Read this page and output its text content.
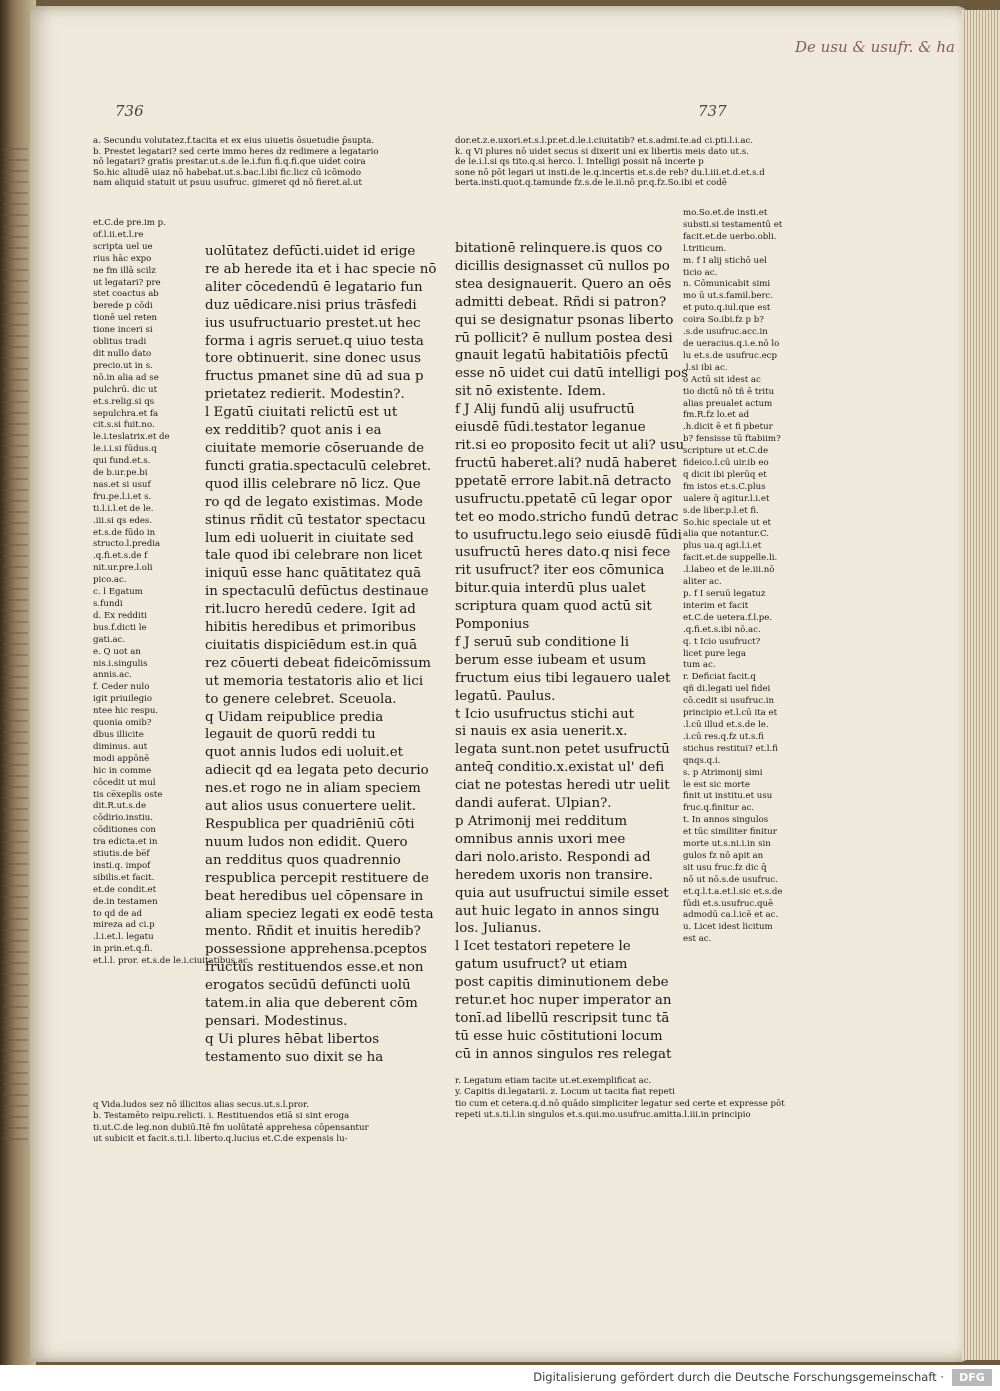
736	737
De usu & usufr. & ha
a. Secundu volutatez.f.tacita et ex eius uiuetis ōsuetudie p̄supta.
b. Prestet legatari? sed certe immo heres dz redimere a legatario
nō legatari? gratis prestar.ut.s.de le.i.fun fi.q.fi.que uidet coira
So.hic aliudē uiaz nō habebat.ut.s.bac.l.ibi fic.licz cū icōmodo
nam aliquid statuit ut psuu usufruc. gimeret qd nō fieret.al.ut
dor.et.z.e.uxori.et.s.l.pr.et.d.le.i.ciuitatib? et.s.admi.te.ad ci.pti.l.i.ac.
k. q Vi plures nō uidet secus si dixerit uni ex libertis meis dato ut.s.
de le.i.l.si qs tito.q.si herco. l. Intelligi possit nā incerte p
sone nō pōt legari ut insti.de le.q.incertis et.s.de reb? du.l.iii.et.d.et.s.d
berta.insti.quot.q.tamunde fz.s.de le.ii.nō pr.q.fz.So.ibi et codē
et.C.de pre.im p.
of.l.ii.et.l.re
scripta uel ue
rius hāc expo
ne fm illā scilz
ut legatari? pre
stet coactus ab
berede p cōdi
tionē uel reten
tione inceri si
oblitus tradi
dit nullo dato
precio.ut in s.
nō.in alia ad se
pulchrū. dic ut
et.s.relig.si qs
sepulchra.et fa
cit.s.si fuit.no.
le.i.teslatrix.et de
le.i.i.si fūdus.q
qui fund.et.s.
de b.ur.pe.bi
nas.et si usuf
fru.pe.l.i.et s.
ti.l.i.l.et de le.
.iii.si qs edes.
et.s.de fūdo in
structo.l.predia
.q.fi.et.s.de f
nit.ur.pre.l.oli
pico.ac.
c. l Egatum
s.fundi
d. Ex redditi
bus.f.dicti le
gati.ac.
e. Q uot an
nis.i.singulis
annis.ac.
f. Ceder nulo
igit priuilegio
ntee hic respu.
quonia omib?
dbus illicite
diminus. aut
modi appōnē
hic in comme
cōcedit ut mul
tis ce̅xeplis oste
dit.R.ut.s.de
cōdirio.instiu.
cōditiones con
tra edicta.et in
stiutis.de be̅f
insti.q. impof
sibilis.et facit.
et.de condit.et
de.in testamen
to qd de ad
mireza ad ci.p
.l.i.et.l. legatu
in prin.et.q.fi.
et.l.l. pror. et.s.de le.i.ciuitatibus.ac.
uolūtatez defūcti.uidet id erige
re ab herede ita et i hac specie nō
aliter cōcedendū ē legatario fun
duz uēdicare.nisi prius trāsfedi
ius usufructuario prestet.ut hec
forma i agris seruet.q uiuo testa
tore obtinuerit. sine donec usus
fructus pmanet sine dū ad sua p
prietatez redierit. Modestin?.
l Egatū ciuitati relictū est ut
ex redditib? quot anis i ea
ciuitate memorie cōseruande de
functi gratia.spectaculū celebret.
quod illis celebrare nō licz. Que
ro qd de legato existimas. Mode
stinus rñdit cū testator spectacu
lum edi uoluerit in ciuitate sed
tale quod ibi celebrare non licet
iniquū esse hanc quātitatez quā
in spectaculū defūctus destinaue
rit.lucro heredū cedere. Igit ad
hibitis heredibus et primoribus
ciuitatis dispiciēdum est.in quā
rez cōuerti debeat fideicōmissum
ut memoria testatoris alio et lici
to genere celebret. Sceuola.
q Uidam reipublice predia
legauit de quorū reddi tu
quot annis ludos edi uoluit.et
adiecit qd ea legata peto decurio
nes.et rogo ne in aliam speciem
aut alios usus conuertere uelit.
Respublica per quadriēniū cōti
nuum ludos non edidit. Quero
an redditus quos quadrennio
respublica percepit restituere de
beat heredibus uel cōpensare in
aliam speciez legati ex eodē testa
mento. Rñdit et inuitis heredib?
possessione apprehensa.pceptos
fructus restituendos esse.et non
erogatos secūdū defūncti uolū
tatem.in alia que deberent cōm
pensari. Modestinus.
q Ui plures hēbat libertos
testamento suo dixit se ha
bitationē relinquere.is quos co
dicillis designasset cū nullos po
stea designauerit. Quero an oēs
admitti debeat. Rñdi si patron?
qui se designatur psonas liberto
rū pollicit? ē nullum postea desi
gnauit legatū habitatiōis pfectū
esse nō uidet cui datū intelligi pos
sit nō existente. Idem.
f J Alij fundū alij usufructū
eiusdē fūdi.testator leganue
rit.si eo proposito fecit ut ali? usu
fructū haberet.ali? nudā haberet
ppetatē errore labit.nā detracto
usufructu.ppetatē cū legar opor
tet eo modo.stricho fundū detrac
to usufructu.lego seio eiusdē fūdi
usufructū heres dato.q nisi fece
rit usufruct? iter eos cōmunica
bitur.quia interdū plus ualet
scriptura quam quod actū sit
Pomponius
f J seruū sub conditione li
berum esse iubeam et usum
fructum eius tibi legauero ualet
legatū. Paulus.
t Icio usufructus stichi aut
si nauis ex asia uenerit.x.
legata sunt.non petet usufructū
anteq̄ conditio.x.existat ul' defi
ciat ne potestas heredi utr uelit
dandi auferat. Ulpian?.
p Atrimonij mei redditum
omnibus annis uxori mee
dari nolo.aristo. Respondi ad
heredem uxoris non transire.
quia aut usufructui simile esset
aut huic legato in annos singu
los. Julianus.
l Icet testatori repetere le
gatum usufruct? ut etiam
post capitis diminutionem debe
retur.et hoc nuper imperator an
tonī.ad libellū rescripsit tunc tā
tū esse huic cōstitutioni locum
cū in annos singulos res relegat
mo.So.et.de insti.et
substi.si testamentū et
facit.et.de uerbo.obli.
l.triticum.
m. f I alij stichō uel
ticio ac.
n. Cōmunicabit simi
mo ū ut.s.famil.berc.
et puto.q.iul.que est
coira So.ibi.fz p b?
.s.de usufruc.acc.in
de ueracius.q.i.e.nō lo
lu et.s.de usufruc.ecp
.l.si ibi ac.
o Actū sit idest ac
tio dictū nō tñ ē tritu
alias preualet actum
fm.R.fz lo.et ad
.h.dicit ē et fi pbetur
b? fensisse tū ftabiim?
scripture ut et.C.de
fideico.l.cū uir.ib eo
q dicit ibi plerūq et
fm istos et.s.C.plus
ualere q̄ agitur.l.i.et
s.de liber.p.l.et fi.
So.hic speciale ut et
alia que notantur.C.
plus ua.q agi.l.i.et
facit.et.de suppelle.li.
.l.labeo et de le.iii.nō
aliter ac.
p. f I seruū legatuz
interim et facit
et.C.de uetera.f.l.pe.
.q.fi.et.s.ibi nō.ac.
q. t Icio usufruct?
licet pure lega
tum ac.
r. Deficiat facit.q
qñ di.legati uel fidei
cō.cedit si usufruc.in
principio et.l.cū ita et
.l.cū illud et.s.de le.
.i.cū res.q.fz ut.s.fi
stichus restitui? et.l.fi
qnqs.q.i.
s. p Atrimonij simi
le est sic morte
finit ut institu.et usu
fruc.q.finitur ac.
t. In annos singulos
et tūc similiter finitur
morte ut.s.ni.i.in sin
gulos fz nō apit an
sit usu fruc.fz dic q̄
nō ut nō.s.de usufruc.
et.q.l.t.a.et.l.sic et.s.de
fūdi et.s.usufruc.quē
admodū ca.l.icē et ac.
u. Licet idest licitum
est ac.
q Vida.ludos sez nō illicitos alias secus.ut.s.l.pror.
b. Testamēto reipu.relicti. i. Restituendos etiā si sint eroga
ti.ut.C.de leg.non dubiū.Itē fm uolūtatē apprehesa cōpensantur
ut subicit et facit.s.ti.l. liberto.q.lucius et.C.de expensis lu-
r. Legatum etiam tacite ut.et.exemplificat ac.
y. Capitis di.legatarii. z. Locum ut tacita fiat repeti
tio cum et cetera.q.d.nō quādo simpliciter legatur sed certe et expresse pōt
repeti ut.s.ti.l.in singulos et.s.qui.mo.usufruc.amitta.l.iii.in principio
Digitalisierung gefördert durch die Deutsche Forschungsgemeinschaft ·	DFG
